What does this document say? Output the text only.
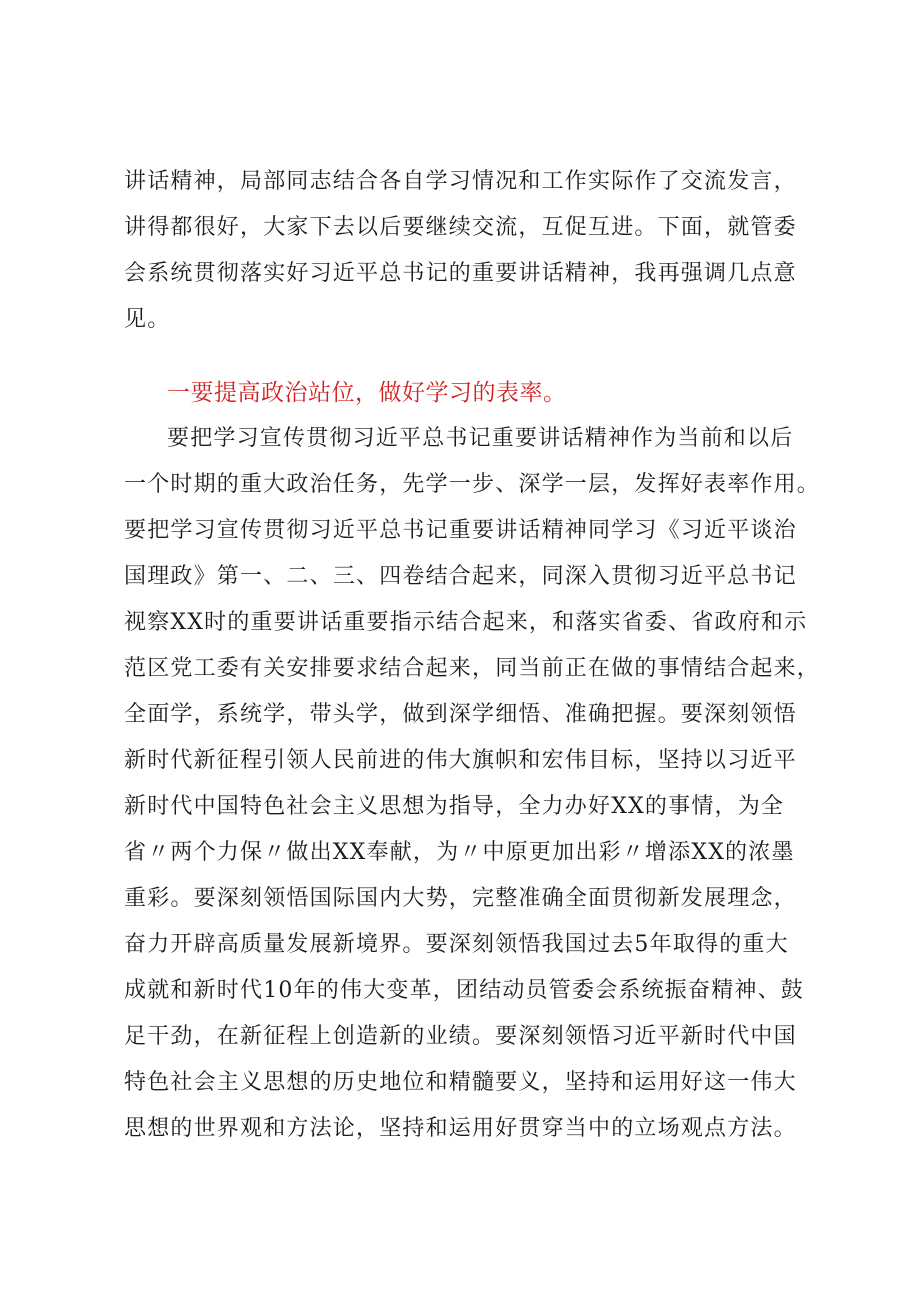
讲话精神，局部同志结合各自学习情况和工作实际作了交流发言，
讲得都很好，大家下去以后要继续交流，互促互进。下面，就管委
会系统贯彻落实好习近平总书记的重要讲话精神，我再强调几点意
见。
一要提高政治站位，做好学习的表率。
要把学习宣传贯彻习近平总书记重要讲话精神作为当前和以后
一个时期的重大政治任务，先学一步、深学一层，发挥好表率作用。
要把学习宣传贯彻习近平总书记重要讲话精神同学习《习近平谈治
国理政》第一、二、三、四卷结合起来，同深入贯彻习近平总书记
视察XX时的重要讲话重要指示结合起来，和落实省委、省政府和示
范区党工委有关安排要求结合起来，同当前正在做的事情结合起来，
全面学，系统学，带头学，做到深学细悟、准确把握。要深刻领悟
新时代新征程引领人民前进的伟大旗帜和宏伟目标，坚持以习近平
新时代中国特色社会主义思想为指导，全力办好XX的事情，为全
省〃两个力保〃做出XX奉献，为〃中原更加出彩〃增添XX的浓墨
重彩。要深刻领悟国际国内大势，完整准确全面贯彻新发展理念，
奋力开辟高质量发展新境界。要深刻领悟我国过去5年取得的重大
成就和新时代10年的伟大变革，团结动员管委会系统振奋精神、鼓
足干劲，在新征程上创造新的业绩。要深刻领悟习近平新时代中国
特色社会主义思想的历史地位和精髓要义，坚持和运用好这一伟大
思想的世界观和方法论，坚持和运用好贯穿当中的立场观点方法。
